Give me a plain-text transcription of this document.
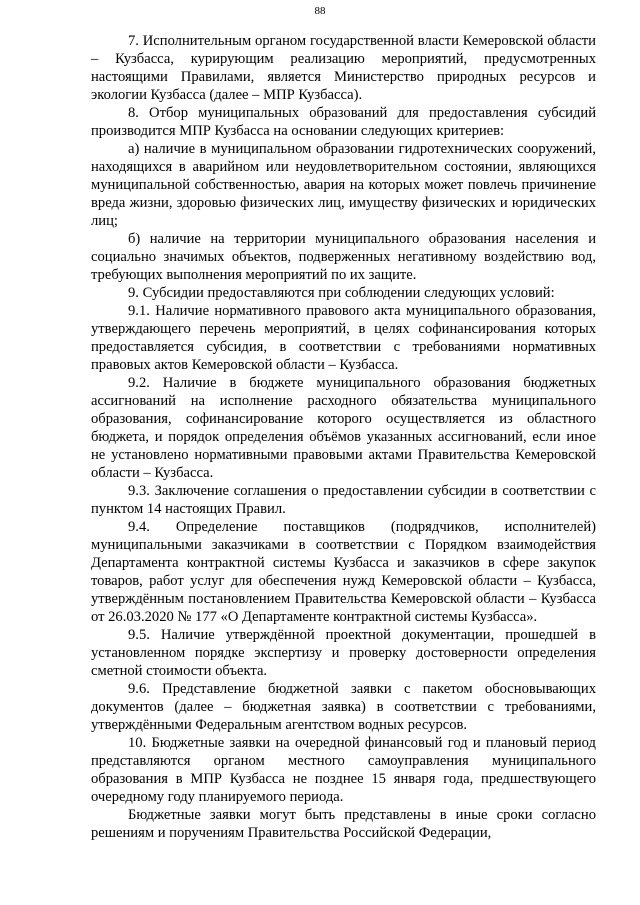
88

7. Исполнительным органом государственной власти Кемеровской области – Кузбасса, курирующим реализацию мероприятий, предусмотренных настоящими Правилами, является Министерство природных ресурсов и экологии Кузбасса (далее – МПР Кузбасса).

8. Отбор муниципальных образований для предоставления субсидий производится МПР Кузбасса на основании следующих критериев:

а) наличие в муниципальном образовании гидротехнических сооружений, находящихся в аварийном или неудовлетворительном состоянии, являющихся муниципальной собственностью, авария на которых может повлечь причинение вреда жизни, здоровью физических лиц, имуществу физических и юридических лиц;

б) наличие на территории муниципального образования населения и социально значимых объектов, подверженных негативному воздействию вод, требующих выполнения мероприятий по их защите.

9. Субсидии предоставляются при соблюдении следующих условий:

9.1. Наличие нормативного правового акта муниципального образования, утверждающего перечень мероприятий, в целях софинансирования которых предоставляется субсидия, в соответствии с требованиями нормативных правовых актов Кемеровской области – Кузбасса.

9.2. Наличие в бюджете муниципального образования бюджетных ассигнований на исполнение расходного обязательства муниципального образования, софинансирование которого осуществляется из областного бюджета, и порядок определения объёмов указанных ассигнований, если иное не установлено нормативными правовыми актами Правительства Кемеровской области – Кузбасса.

9.3. Заключение соглашения о предоставлении субсидии в соответствии с пунктом 14 настоящих Правил.

9.4. Определение поставщиков (подрядчиков, исполнителей) муниципальными заказчиками в соответствии с Порядком взаимодействия Департамента контрактной системы Кузбасса и заказчиков в сфере закупок товаров, работ услуг для обеспечения нужд Кемеровской области – Кузбасса, утверждённым постановлением Правительства Кемеровской области – Кузбасса от 26.03.2020 № 177 «О Департаменте контрактной системы Кузбасса».

9.5. Наличие утверждённой проектной документации, прошедшей в установленном порядке экспертизу и проверку достоверности определения сметной стоимости объекта.

9.6. Представление бюджетной заявки с пакетом обосновывающих документов (далее – бюджетная заявка) в соответствии с требованиями, утверждёнными Федеральным агентством водных ресурсов.

10. Бюджетные заявки на очередной финансовый год и плановый период представляются органом местного самоуправления муниципального образования в МПР Кузбасса не позднее 15 января года, предшествующего очередному году планируемого периода.

Бюджетные заявки могут быть представлены в иные сроки согласно решениям и поручениям Правительства Российской Федерации,
